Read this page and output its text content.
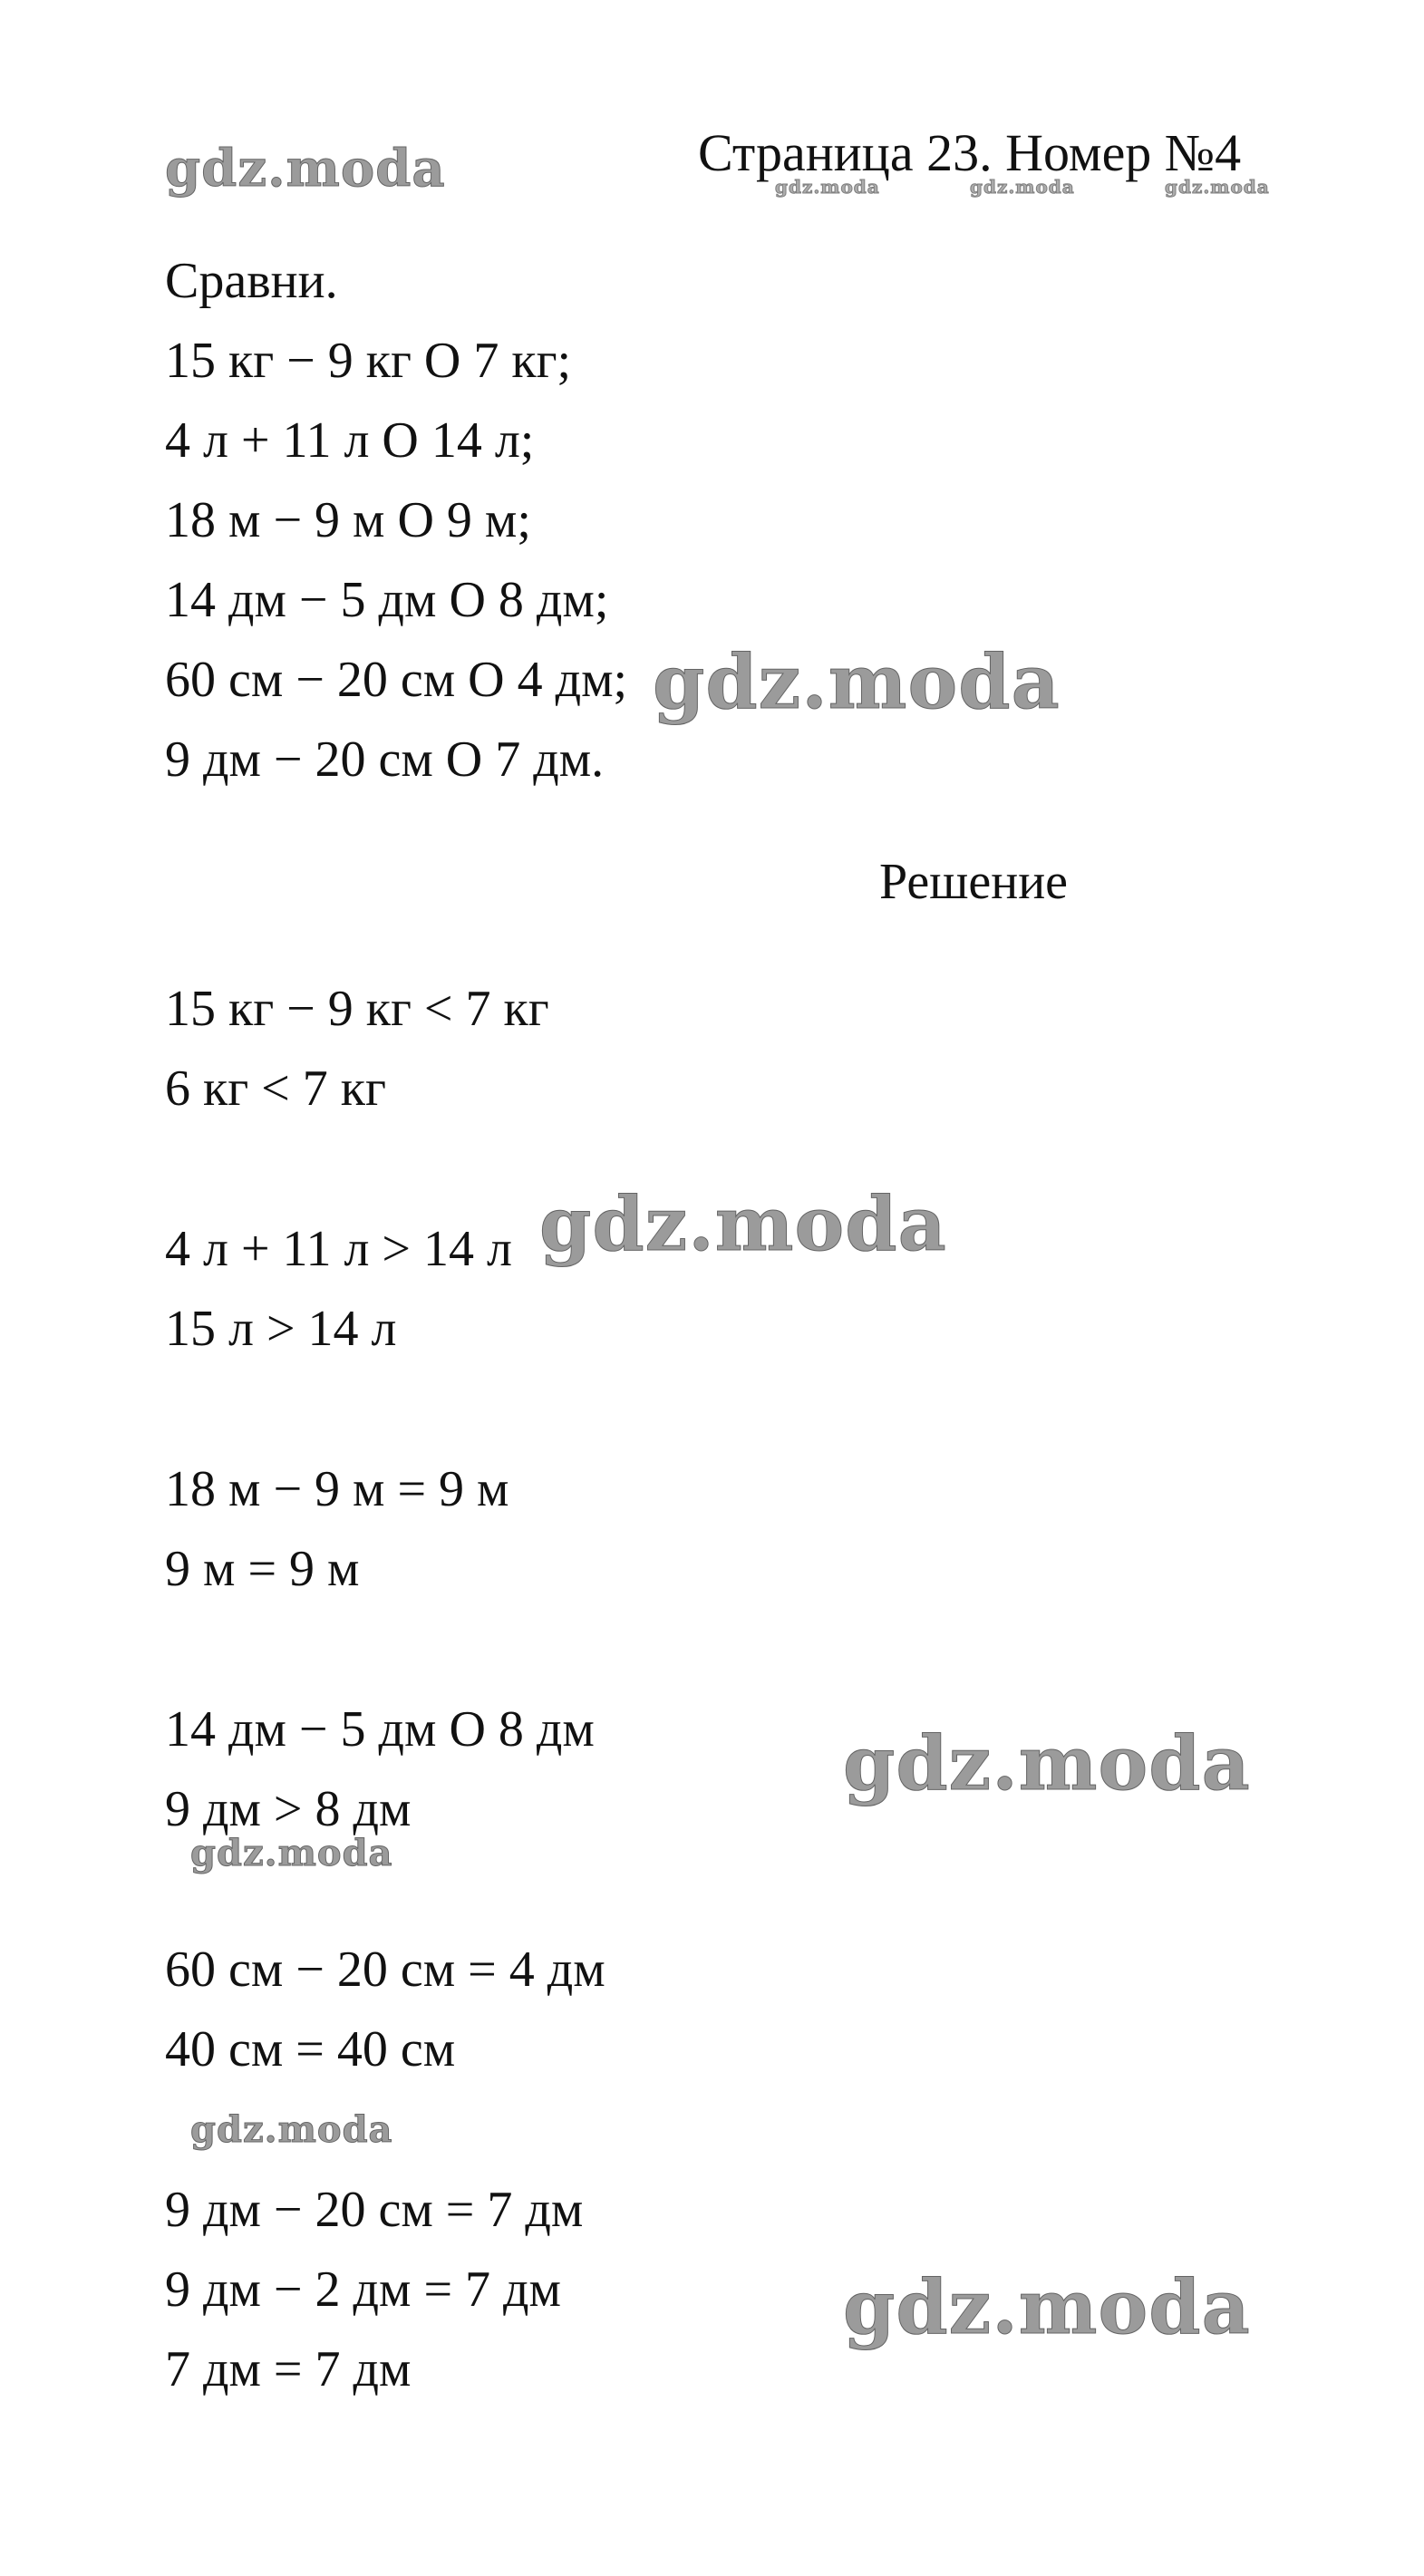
gdz.moda	gdz.moda	gdz.moda	gdz.moda
gdz.moda
gdz.moda
gdz.moda
gdz.moda
gdz.moda
gdz.moda
Страница 23. Номер №4
Сравни.
15 кг − 9 кг О 7 кг;
4 л + 11 л О 14 л;
18 м − 9 м О 9 м;
14 дм − 5 дм О 8 дм;
60 см − 20 см О 4 дм;
9 дм − 20 см О 7 дм.
Решение
15 кг − 9 кг < 7 кг
6 кг < 7 кг
4 л + 11 л > 14 л
15 л > 14 л
18 м − 9 м = 9 м
9 м = 9 м
14 дм − 5 дм О 8 дм
9 дм > 8 дм
60 см − 20 см = 4 дм
40 см = 40 см
9 дм − 20 см = 7 дм
9 дм − 2 дм = 7 дм
7 дм = 7 дм
